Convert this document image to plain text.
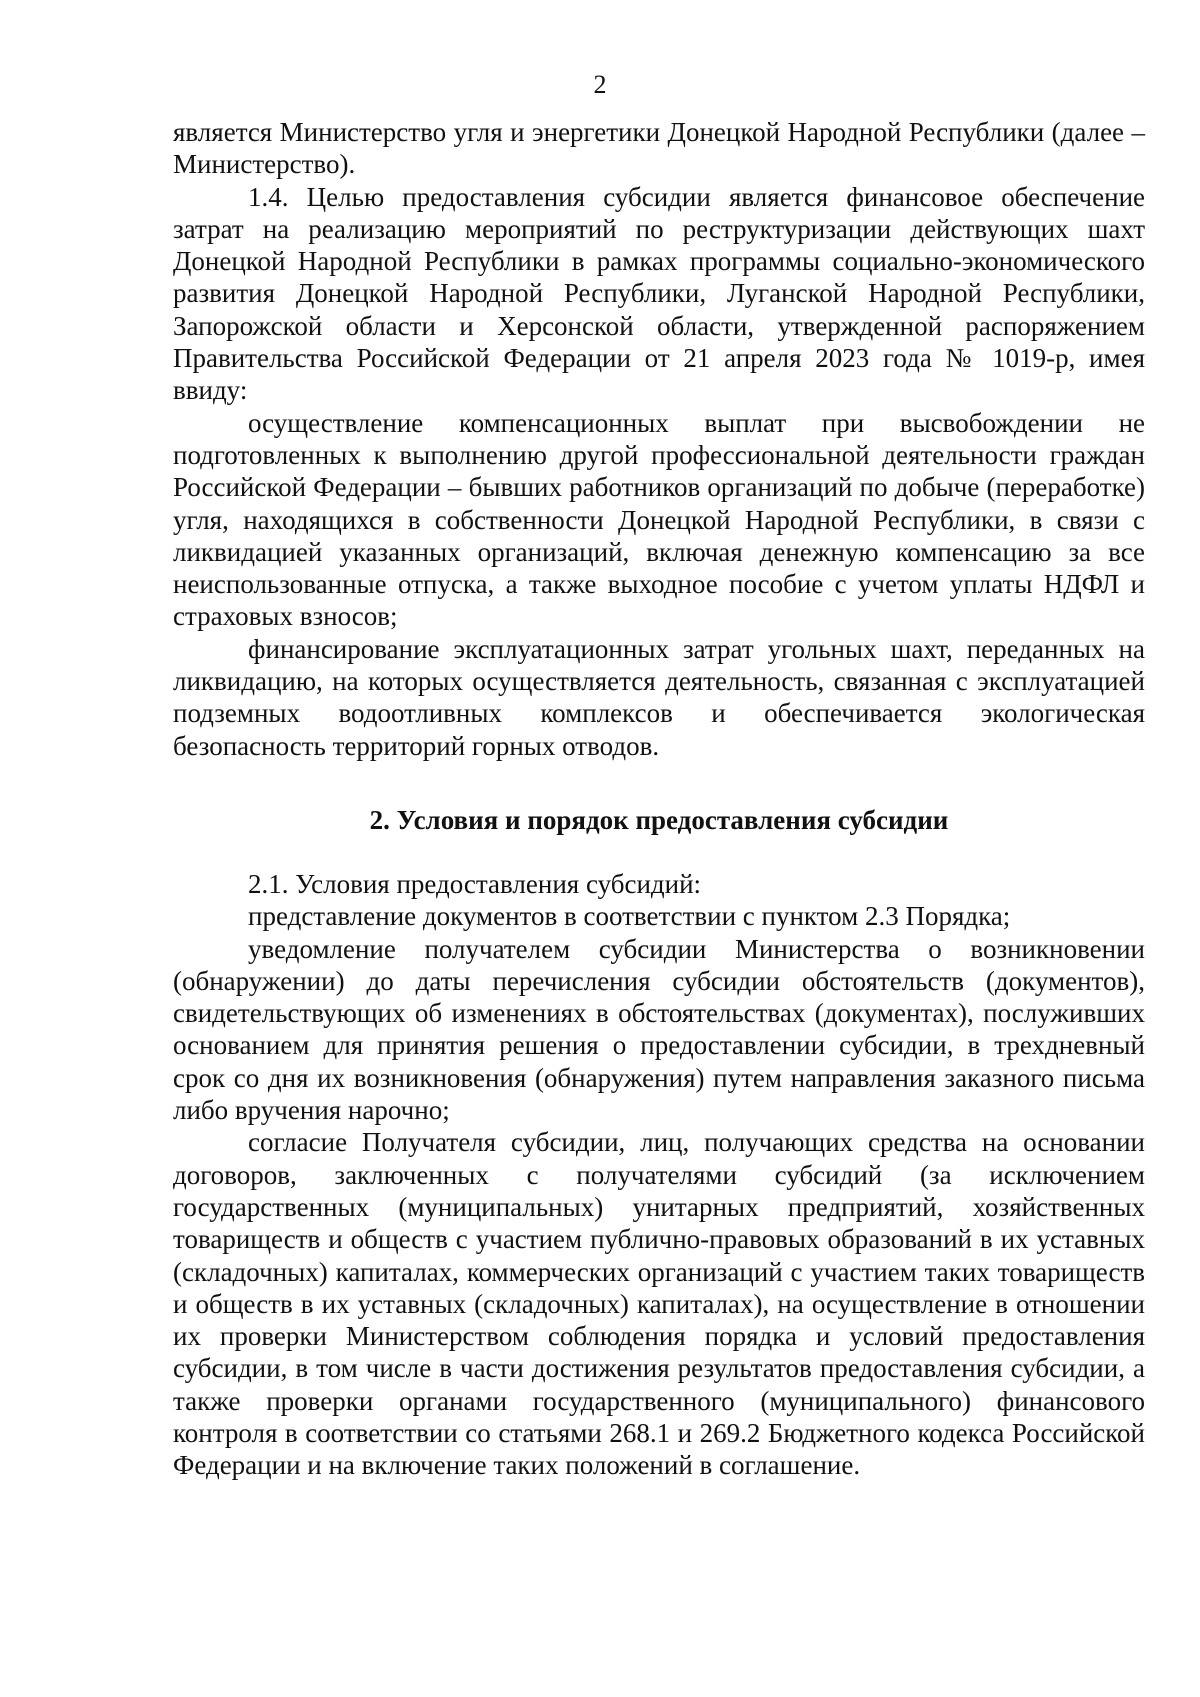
2

является Министерство угля и энергетики Донецкой Народной Республики (далее – Министерство).

1.4. Целью предоставления субсидии является финансовое обеспечение затрат на реализацию мероприятий по реструктуризации действующих шахт Донецкой Народной Республики в рамках программы социально-экономического развития Донецкой Народной Республики, Луганской Народной Республики, Запорожской области и Херсонской области, утвержденной распоряжением Правительства Российской Федерации от 21 апреля 2023 года № 1019-р, имея ввиду:

осуществление компенсационных выплат при высвобождении не подготовленных к выполнению другой профессиональной деятельности граждан Российской Федерации – бывших работников организаций по добыче (переработке) угля, находящихся в собственности Донецкой Народной Республики, в связи с ликвидацией указанных организаций, включая денежную компенсацию за все неиспользованные отпуска, а также выходное пособие с учетом уплаты НДФЛ и страховых взносов;

финансирование эксплуатационных затрат угольных шахт, переданных на ликвидацию, на которых осуществляется деятельность, связанная с эксплуатацией подземных водоотливных комплексов и обеспечивается экологическая безопасность территорий горных отводов.

2. Условия и порядок предоставления субсидии

2.1. Условия предоставления субсидий:

представление документов в соответствии с пунктом 2.3 Порядка;

уведомление получателем субсидии Министерства о возникновении (обнаружении) до даты перечисления субсидии обстоятельств (документов), свидетельствующих об изменениях в обстоятельствах (документах), послуживших основанием для принятия решения о предоставлении субсидии, в трехдневный срок со дня их возникновения (обнаружения) путем направления заказного письма либо вручения нарочно;

согласие Получателя субсидии, лиц, получающих средства на основании договоров, заключенных с получателями субсидий (за исключением государственных (муниципальных) унитарных предприятий, хозяйственных товариществ и обществ с участием публично-правовых образований в их уставных (складочных) капиталах, коммерческих организаций с участием таких товариществ и обществ в их уставных (складочных) капиталах), на осуществление в отношении их проверки Министерством соблюдения порядка и условий предоставления субсидии, в том числе в части достижения результатов предоставления субсидии, а также проверки органами государственного (муниципального) финансового контроля в соответствии со статьями 268.1 и 269.2 Бюджетного кодекса Российской Федерации и на включение таких положений в соглашение.
